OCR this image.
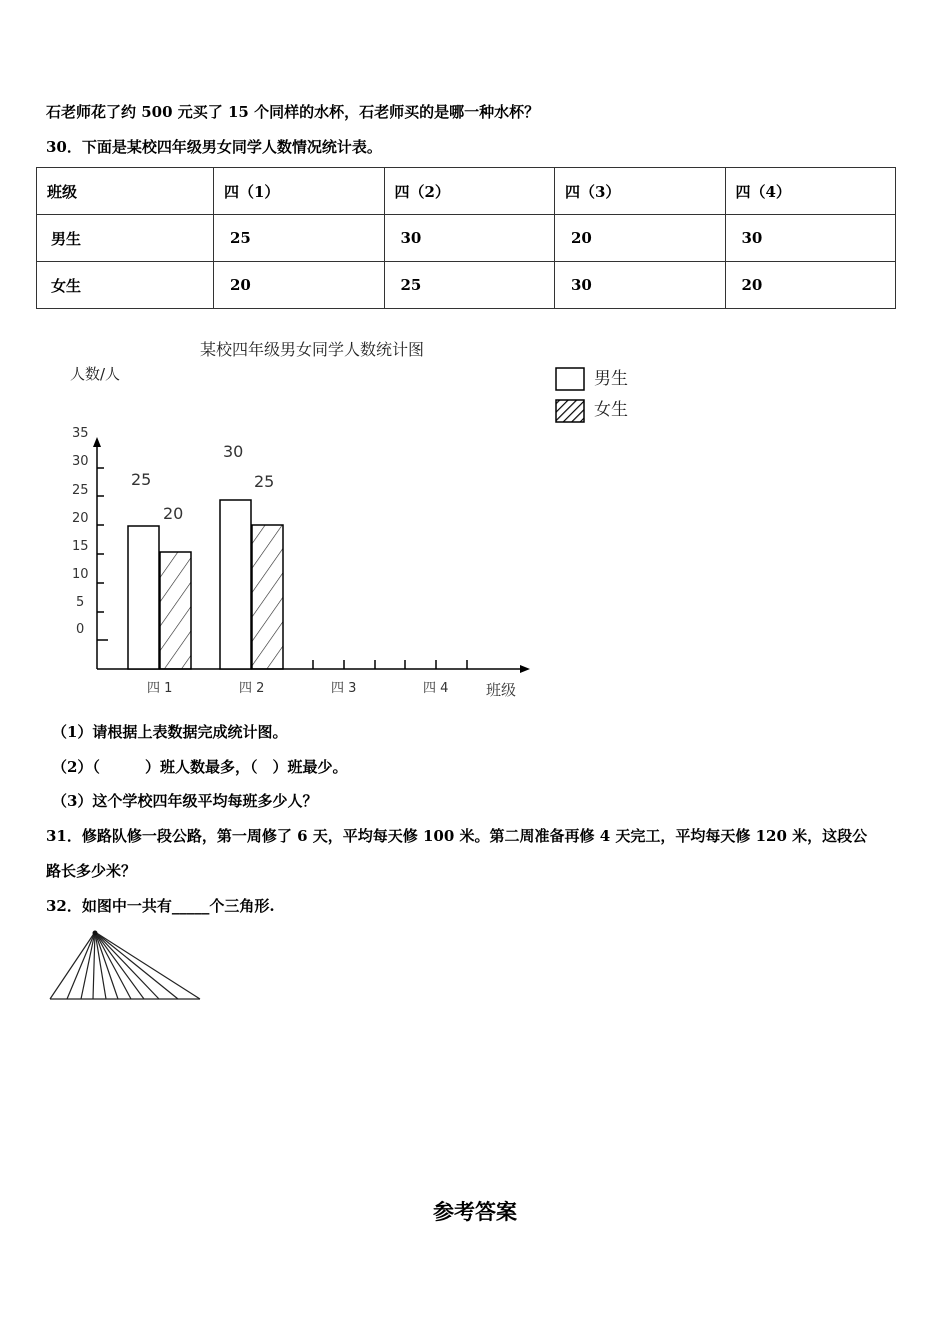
石老师花了约 500 元买了 15 个同样的水杯，石老师买的是哪一种水杯？
30．下面是某校四年级男女同学人数情况统计表。
班级	四（1）	四（2）	四（3）	四（4）
男生	25	30	20	30
女生	20	25	30	20
某校四年级男女同学人数统计图
人数/人	男生
女生
35
30
25
20
15
10
5
0
25
20
30
25
四 1	四 2	四 3	四 4	班级
（1）请根据上表数据完成统计图。
（2）（　　　）班人数最多，（　）班最少。
（3）这个学校四年级平均每班多少人？
31．修路队修一段公路，第一周修了 6 天，平均每天修 100 米。第二周准备再修 4 天完工，平均每天修 120 米，这段公
路长多少米？
32．如图中一共有_____个三角形.
参考答案
